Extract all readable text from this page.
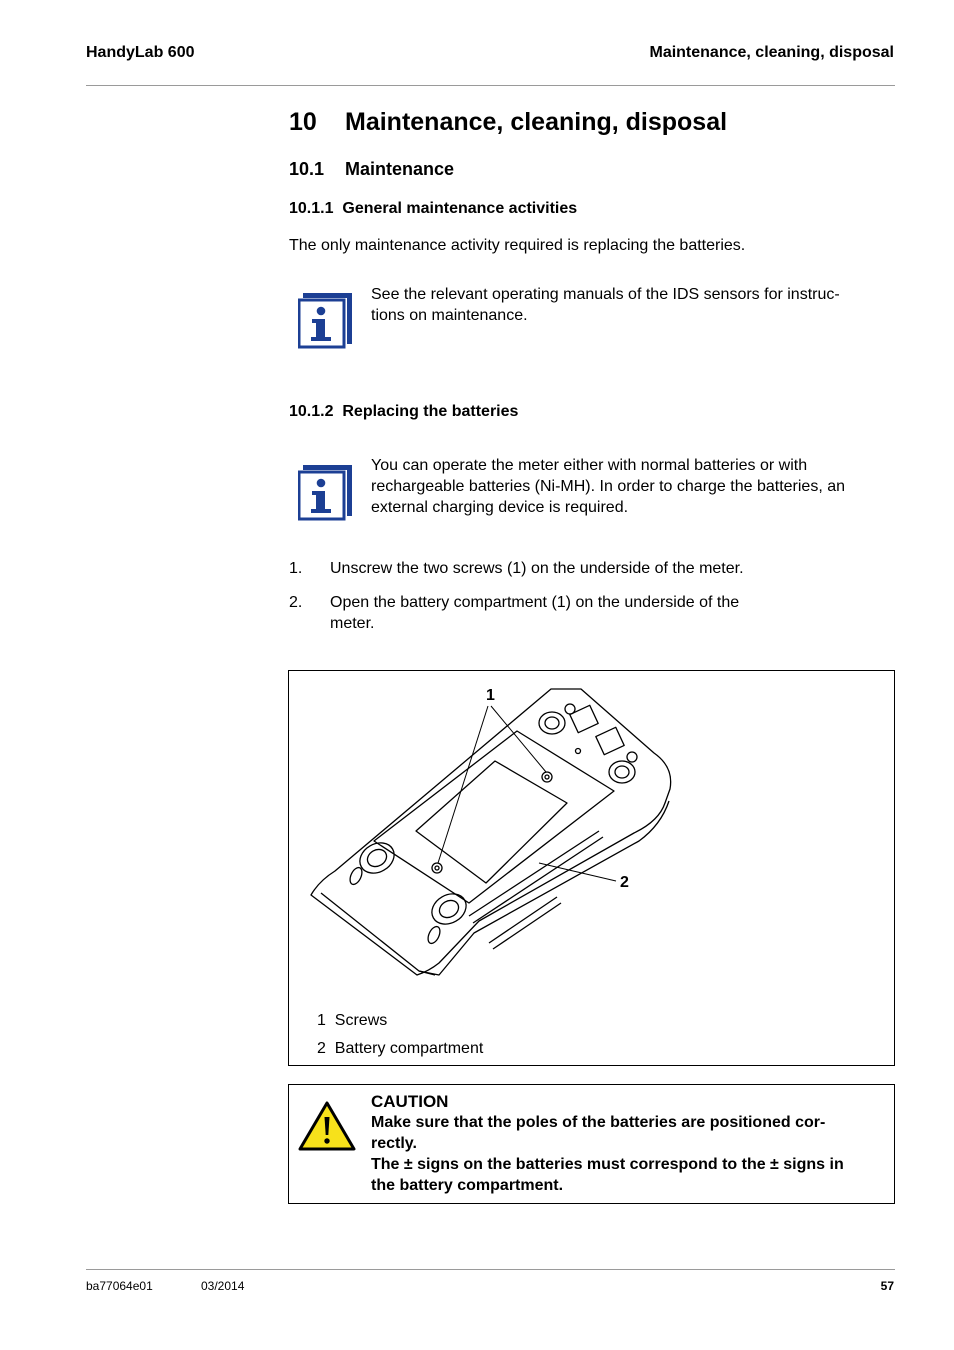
HandyLab 600	Maintenance, cleaning, disposal
10 Maintenance, cleaning, disposal
10.1 Maintenance
10.1.1 General maintenance activities
The only maintenance activity required is replacing the batteries.
See the relevant operating manuals of the IDS sensors for instruc-
tions on maintenance.
10.1.2 Replacing the batteries
You can operate the meter either with normal batteries or with
rechargeable batteries (Ni-MH). In order to charge the batteries, an
external charging device is required.
1. Unscrew the two screws (1) on the underside of the meter.
2. Open the battery compartment (1) on the underside of the
meter.
1
2
1 Screws
2 Battery compartment
CAUTION
Make sure that the poles of the batteries are positioned cor-
rectly.
The ± signs on the batteries must correspond to the ± signs in
the battery compartment.
ba77064e01	03/2014	57
